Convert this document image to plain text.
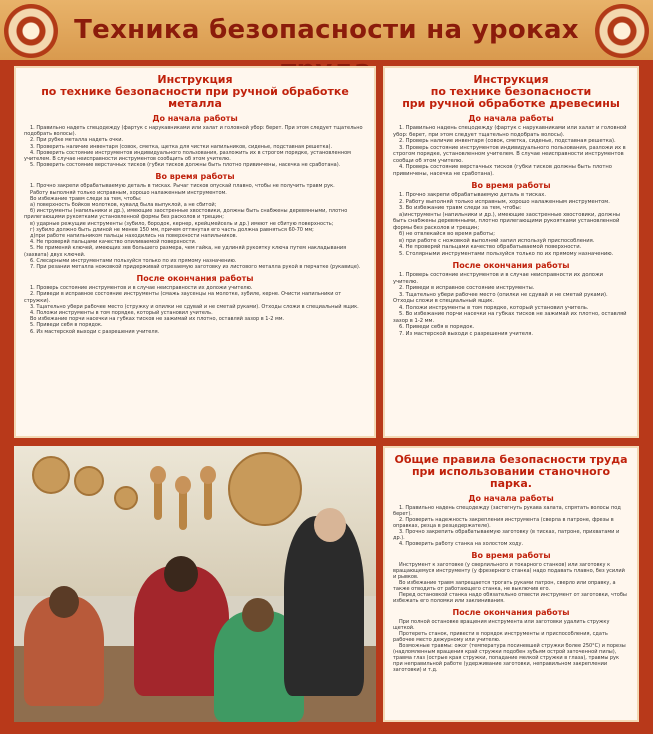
Техника безопасности на уроках
Инструкция
по технике безопасности при ручной обработке металла
До начала работы

1. Правильно надеть спецодежду (фартук с нарукавниками или халат и головной убор: берет. При этом следует тщательно подобрать волосы).

2. При рубке металла надеть очки.

3. Проверить наличие инвентаря (совок, сметка, щетка для чистки напильников, сиденье, подставная решетка).

4. Проверить состояние инструментов индивидуального пользования, разложить их в строгом порядке, установленном учителем. В случае неисправности инструментов сообщить об этом учителю.

5. Проверить состояние верстачных тисков (губки тисков должны быть плотно привинчены, насечка не сработана).

Во время работы

1. Прочно закрепи обрабатываемую деталь в тисках. Рычаг тисков опускай плавно, чтобы не получить травм рук.

Работу выполняй только исправным, хорошо налаженным инструментом.

Во избежание травм следи за тем, чтобы:

а) поверхность бойков молотков, кувалд была выпуклой, а не сбитой;

б) инструменты (напильники и др.), имеющие заостренные хвостовики, должны быть снабжены деревянными, плотно прилегающими рукоятками установленной формы без расколов и трещин;

в) ударные режущие инструменты (зубило, бородок, кернер, крейцмейсель и др.) имеют не сбитую поверхность;

г) зубило должно быть длиной не менее 150 мм, причем оттянутая его часть должна равняться 60-70 мм;

д)при работе напильником пальцы находились на поверхности напильников.

4. Не проверяй пальцами качество опиливаемой поверхности.

5. Не применяй ключей, имеющих зев большего размера, чем гайка, не удлиняй рукоятку ключа путем накладывания (захвата) двух ключей.

6. Слесарными инструментами пользуйся только по их прямому назначению.

7. При резании металла ножовкой придерживай отрезаемую заготовку из листового металла рукой в перчатке (рукавице).

После окончания работы

1. Проверь состояние инструментов и в случае неисправности их доложи учителю.

2. Приведи в исправное состояние инструменты (смажь заусенцы на молотке, зубиле, керне. Очисти напильники от стружки).

3. Тщательно убери рабочее место (стружку и опилки не сдувай и не сметай руками). Отходы сложи в специальный ящик.

4. Положи инструменты в том порядке, который установил учитель.

Во избежание порчи насечки на губках тисков не зажимай их плотно, оставляй зазор в 1-2 мм.

5. Приведи себя в порядок.

6. Из мастерской выходи с разрешения учителя.

Инструкция
по технике безопасности
при ручной обработке древесины
До начала работы

1. Правильно надень спецодежду (фартук с нарукавниками или халат и головной убор: берет, при этом следует тщательно подобрать волосы).

2. Проверь наличие инвентаря (совок, сметка, сиденье, подставная решетка).

3. Проверь состояние инструментов индивидуального пользования, разложи их в строгом порядке, установленном учителем. В случае неисправности инструментов сообщи об этом учителю.

4. Проверь состояние верстачных тисков (губки тисков должны быть плотно привинчены, насечка не сработана).

Во время работы

1. Прочно закрепи обрабатываемую деталь в тисках.

2. Работу выполняй только исправным, хорошо налаженным инструментом.

3. Во избежание травм следи за тем, чтобы:

а)инструменты (напильники и др.), имеющие заостренные хвостовики, должны быть снабжены деревянными, плотно прилегающими рукоятками установленной формы без расколов и трещин;

б) не отвлекайся во время работы;

в) при работе с ножовкой выполняй запил используй приспособления.

4. Не проверяй пальцами качество обрабатываемой поверхности.

5. Столярными инструментами пользуйся только по их прямому назначению.

После окончания работы

1. Проверь состояние инструментов и в случае неисправности их доложи учителю.

2. Приведи в исправное состояние инструменты.

3. Тщательно убери рабочее место (опилки не сдувай и не сметай руками). Отходы сложи в специальный ящик.

4. Положи инструменты в том порядке, который установил учитель.

5. Во избежание порчи насечки на губках тисков не зажимай их плотно, оставляй зазор в 1-2 мм.

6. Приведи себя в порядок.

7. Из мастерской выходи с разрешения учителя.

Общие правила безопасности труда
при использовании станочного парка.
До начала работы

1. Правильно надень спецодежду (застегнуть рукава халата, спрятать волосы под берет).

2. Проверить надежность закрепления инструмента (сверла в патроне, фрезы в оправках, резца в резцедержателе).

3. Прочно закрепить обрабатываемую заготовку (в тисках, патроне, прихватами и др.).

4. Проверить работу станка на холостом ходу.

Во время работы

Инструмент к заготовке (у сверлильного и токарного станков) или заготовку к вращающемуся инструменту (у фрезерного станка) надо подавать плавно, без усилий и рывков.

Во избежание травм запрещается трогать руками патрон, сверло или оправку, а также отводить от работающего станка, не выключив его.

Перед остановкой станка надо обязательно отвести инструмент от заготовки, чтобы избежать его поломки или заклинивания.

После окончания работы

При полной остановке вращения инструмента или заготовки удалить стружку щеткой.

Протереть станок, привести в порядок инструменты и приспособления, сдать рабочее место дежурному или учителю.

Возможные травмы: ожог (температура посиневшей стружки более 250°С) и порезы (надломленным вращения край стружки подобен зубьям острой заточенной пилы), травма глаз (острые края стружки, попадание мелкой стружки в глаза), травмы рук при неправильной работе (удерживание заготовки, неправильном закреплении заготовки) и т.д.
